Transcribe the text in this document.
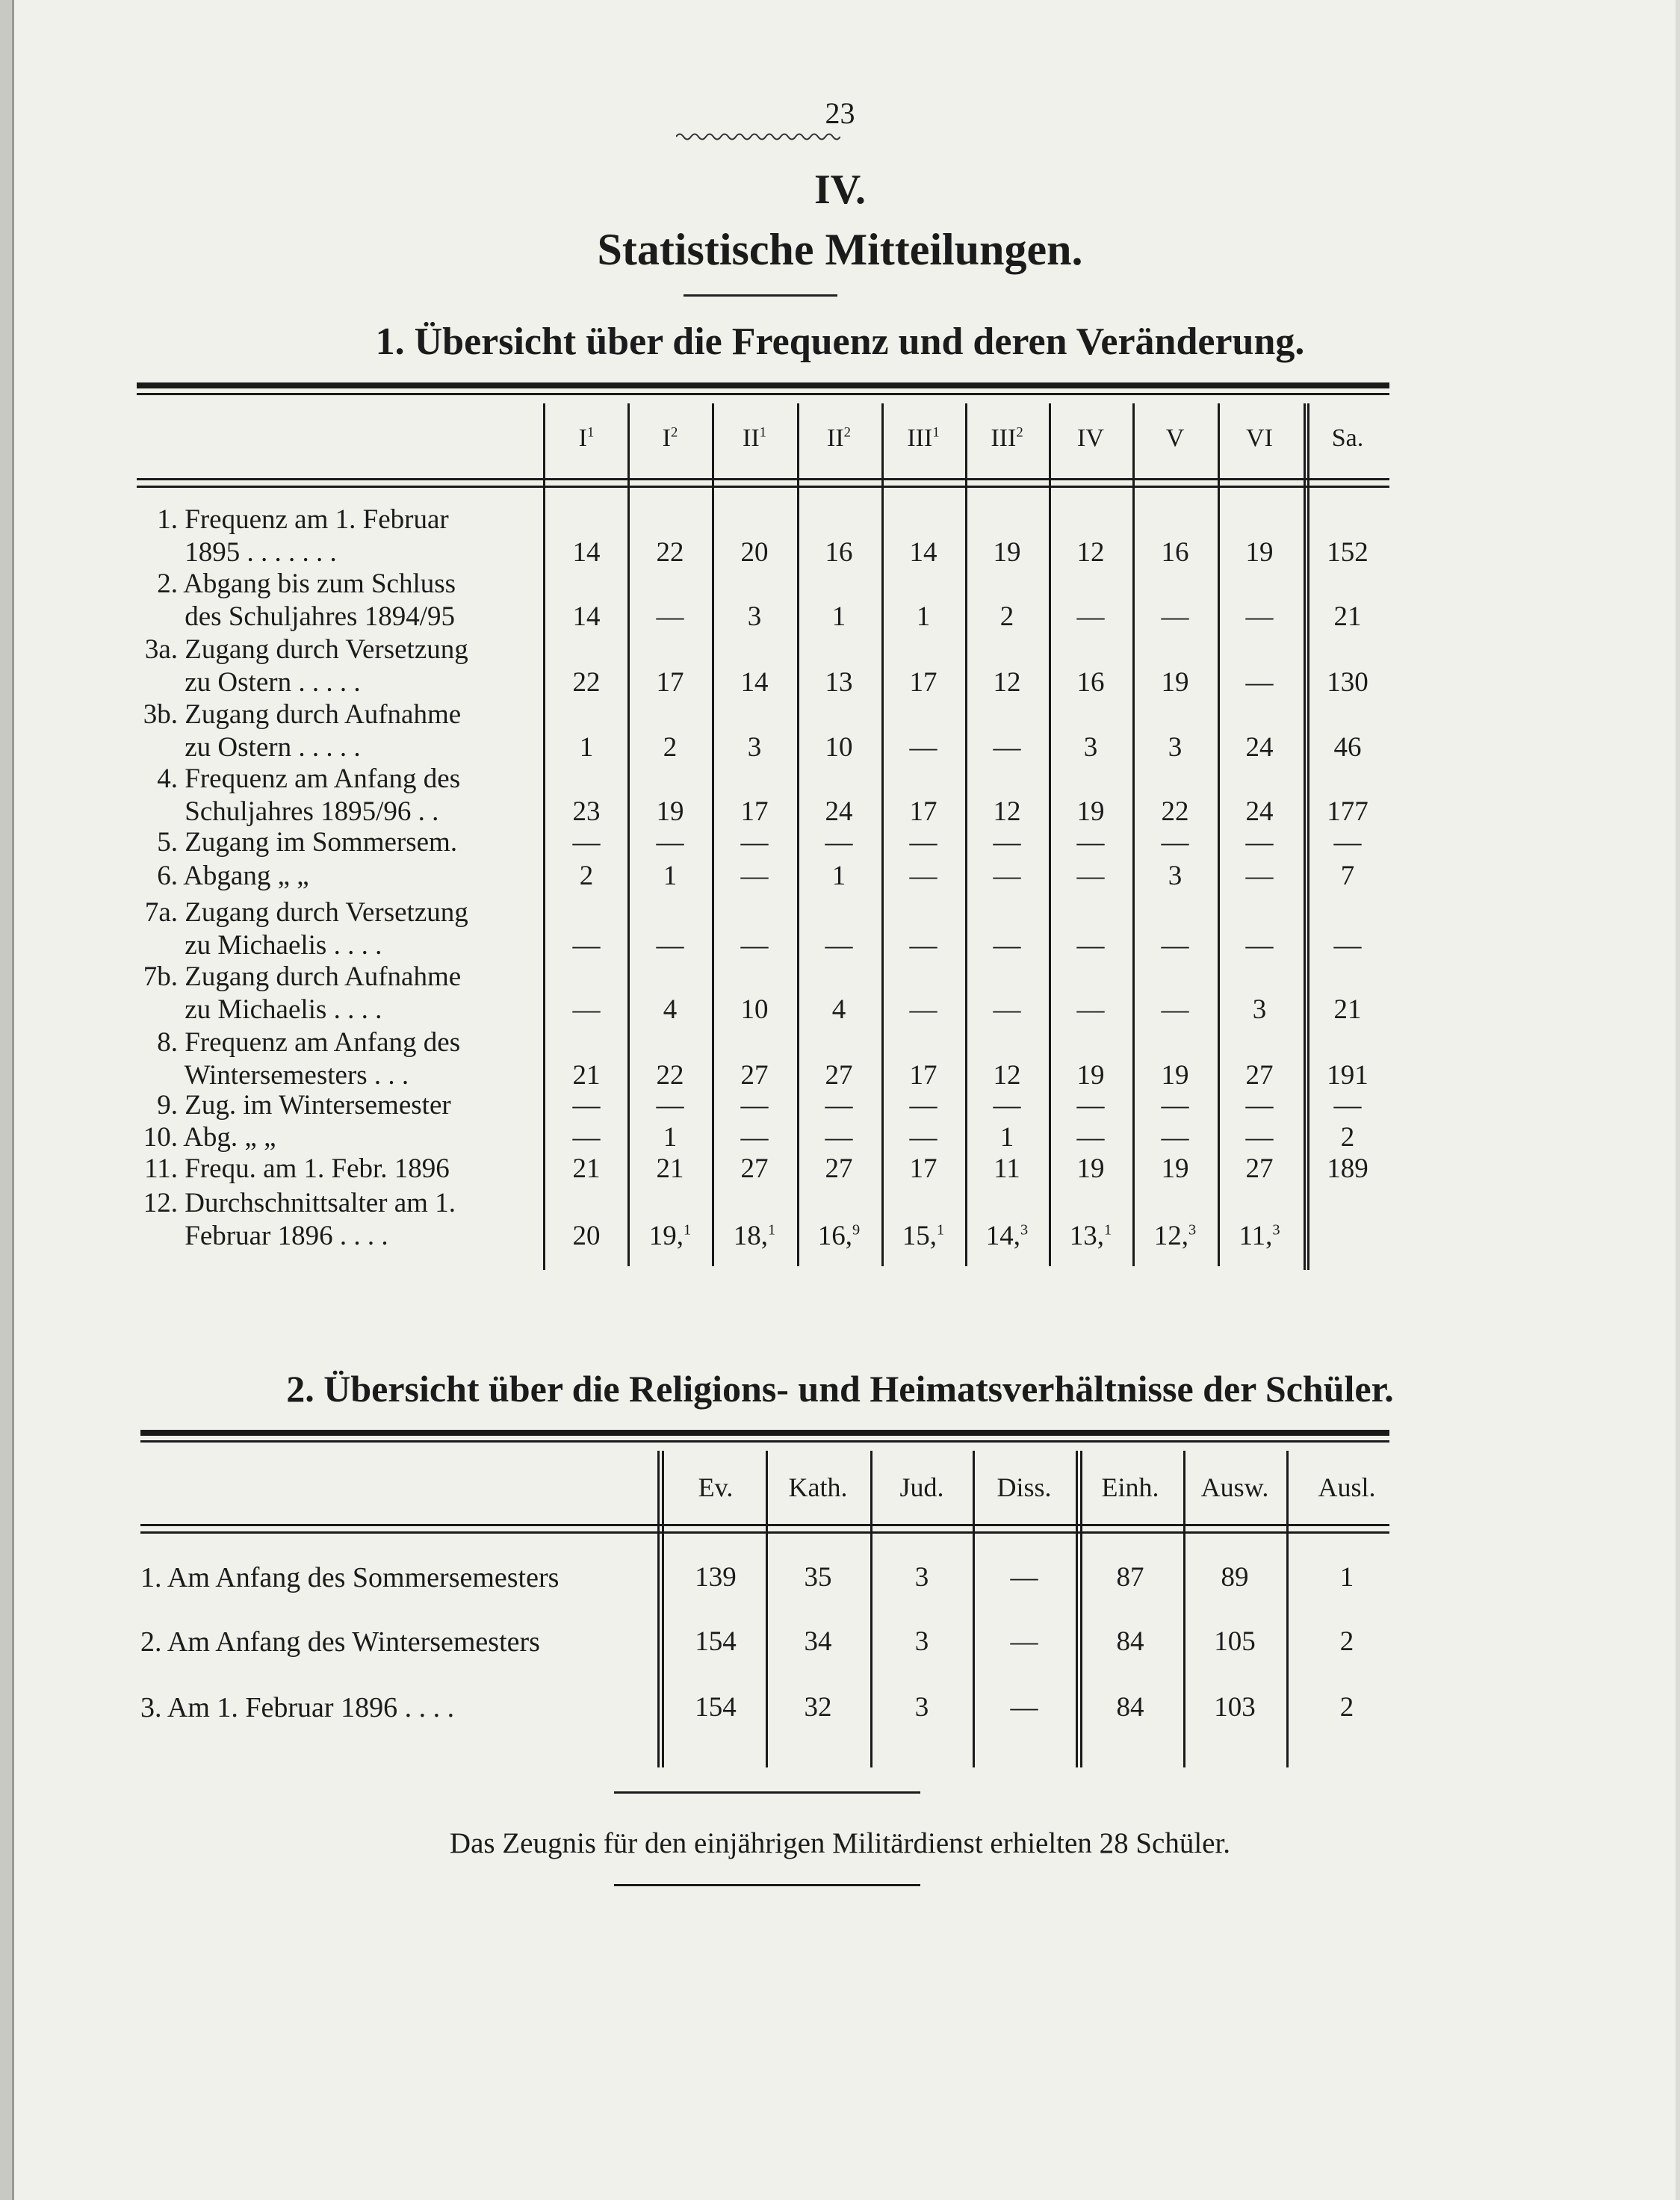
23
IV.
Statistische Mitteilungen.
1. Übersicht über die Frequenz und deren Veränderung.
$I^1$	$I^2$	$II^1$	$II^2$	III$^1$	III$^2$	IV	V	VI	Sa.
1. Frequenz am 1. Februar
1895 . . . . . . .	14	22	20	16	14	19	12	16	19	152
2. Abgang bis zum Schluss
des Schuljahres 1894/95	14	—	3	1	1	2	—	—	—	21
3a. Zugang durch Versetzung
zu Ostern . . . . .	22	17	14	13	17	12	16	19	—	130
3b. Zugang durch Aufnahme
zu Ostern . . . . .	1	2	3	10	—	—	3	3	24	46
4. Frequenz am Anfang des
Schuljahres 1895/96 . .	23	19	17	24	17	12	19	22	24	177
5. Zugang im Sommersem.	—	—	—	—	—	—	—	—	—	—
6. Abgang „ „	2	1	—	1	—	—	—	3	—	7
7a. Zugang durch Versetzung
zu Michaelis . . . .	—	—	—	—	—	—	—	—	—	—
7b. Zugang durch Aufnahme
zu Michaelis . . . .	—	4	10	4	—	—	—	—	3	21
8. Frequenz am Anfang des
Wintersemesters . . .	21	22	27	27	17	12	19	19	27	191
9. Zug. im Wintersemester	—	—	—	—	—	—	—	—	—	—
10. Abg. „ „	—	1	—	—	—	1	—	—	—	2
11. Frequ. am 1. Febr. 1896	21	21	27	27	17	11	19	19	27	189
12. Durchschnittsalter am 1.
Februar 1896 . . . .	20	19,$^1$	18,$^1$	16,$^9$	15,$^1$	14,$^3$	13,$^1$	12,$^3$	11,$^3$
2. Übersicht über die Religions- und Heimatsverhältnisse der Schüler.
Ev.	Kath.	Jud.	Diss.	Einh.	Ausw.	Ausl.
1. Am Anfang des Sommersemesters	139	35	3	—	87	89	1
2. Am Anfang des Wintersemesters	154	34	3	—	84	105	2
3. Am 1. Februar 1896 . . . .	154	32	3	—	84	103	2
Das Zeugnis für den einjährigen Militärdienst erhielten 28 Schüler.
